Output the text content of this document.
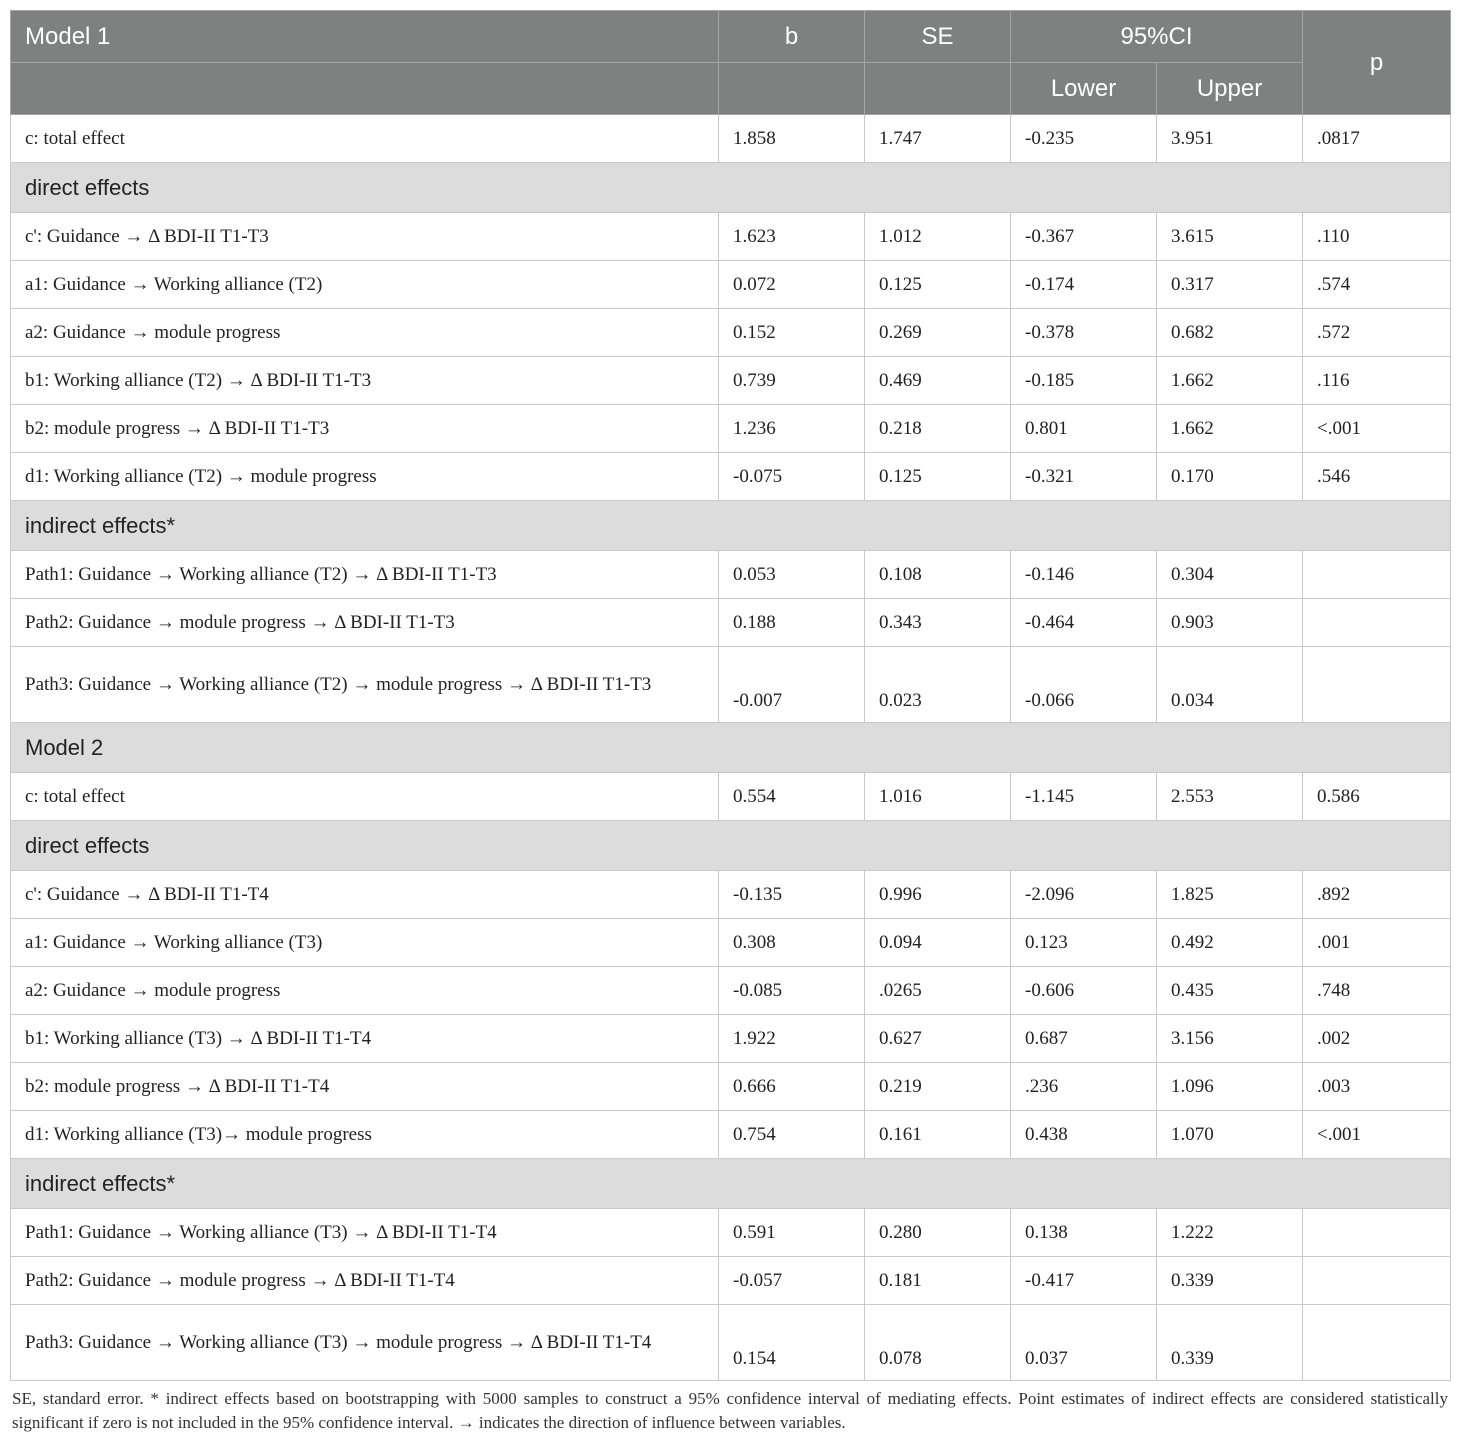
Model 1	b	SE	95%CI		p
			Lower	Upper	
c: total effect	1.858	1.747	-0.235	3.951	.0817
direct effects					
c': Guidance → Δ BDI-II T1-T3	1.623	1.012	-0.367	3.615	.110
a1: Guidance → Working alliance (T2)	0.072	0.125	-0.174	0.317	.574
a2: Guidance → module progress	0.152	0.269	-0.378	0.682	.572
b1: Working alliance (T2) → Δ BDI-II T1-T3	0.739	0.469	-0.185	1.662	.116
b2: module progress → Δ BDI-II T1-T3	1.236	0.218	0.801	1.662	<.001
d1: Working alliance (T2) → module progress	-0.075	0.125	-0.321	0.170	.546
indirect effects*					
Path1: Guidance → Working alliance (T2) → Δ BDI-II T1-T3	0.053	0.108	-0.146	0.304	
Path2: Guidance → module progress → Δ BDI-II T1-T3	0.188	0.343	-0.464	0.903	
Path3: Guidance → Working alliance (T2) → module progress → Δ BDI-II T1-T3	-0.007	0.023	-0.066	0.034	
Model 2					
c: total effect	0.554	1.016	-1.145	2.553	0.586
direct effects					
c': Guidance → Δ BDI-II T1-T4	-0.135	0.996	-2.096	1.825	.892
a1: Guidance → Working alliance (T3)	0.308	0.094	0.123	0.492	.001
a2: Guidance → module progress	-0.085	.0265	-0.606	0.435	.748
b1: Working alliance (T3) → Δ BDI-II T1-T4	1.922	0.627	0.687	3.156	.002
b2: module progress → Δ BDI-II T1-T4	0.666	0.219	.236	1.096	.003
d1: Working alliance (T3)→ module progress	0.754	0.161	0.438	1.070	<.001
indirect effects*					
Path1: Guidance → Working alliance (T3) → Δ BDI-II T1-T4	0.591	0.280	0.138	1.222	
Path2: Guidance → module progress → Δ BDI-II T1-T4	-0.057	0.181	-0.417	0.339	
Path3: Guidance → Working alliance (T3) → module progress → Δ BDI-II T1-T4	0.154	0.078	0.037	0.339	
SE, standard error. * indirect effects based on bootstrapping with 5000 samples to construct a 95% confidence interval of mediating effects. Point estimates of indirect effects are considered statistically significant if zero is not included in the 95% confidence interval. → indicates the direction of influence between variables.
